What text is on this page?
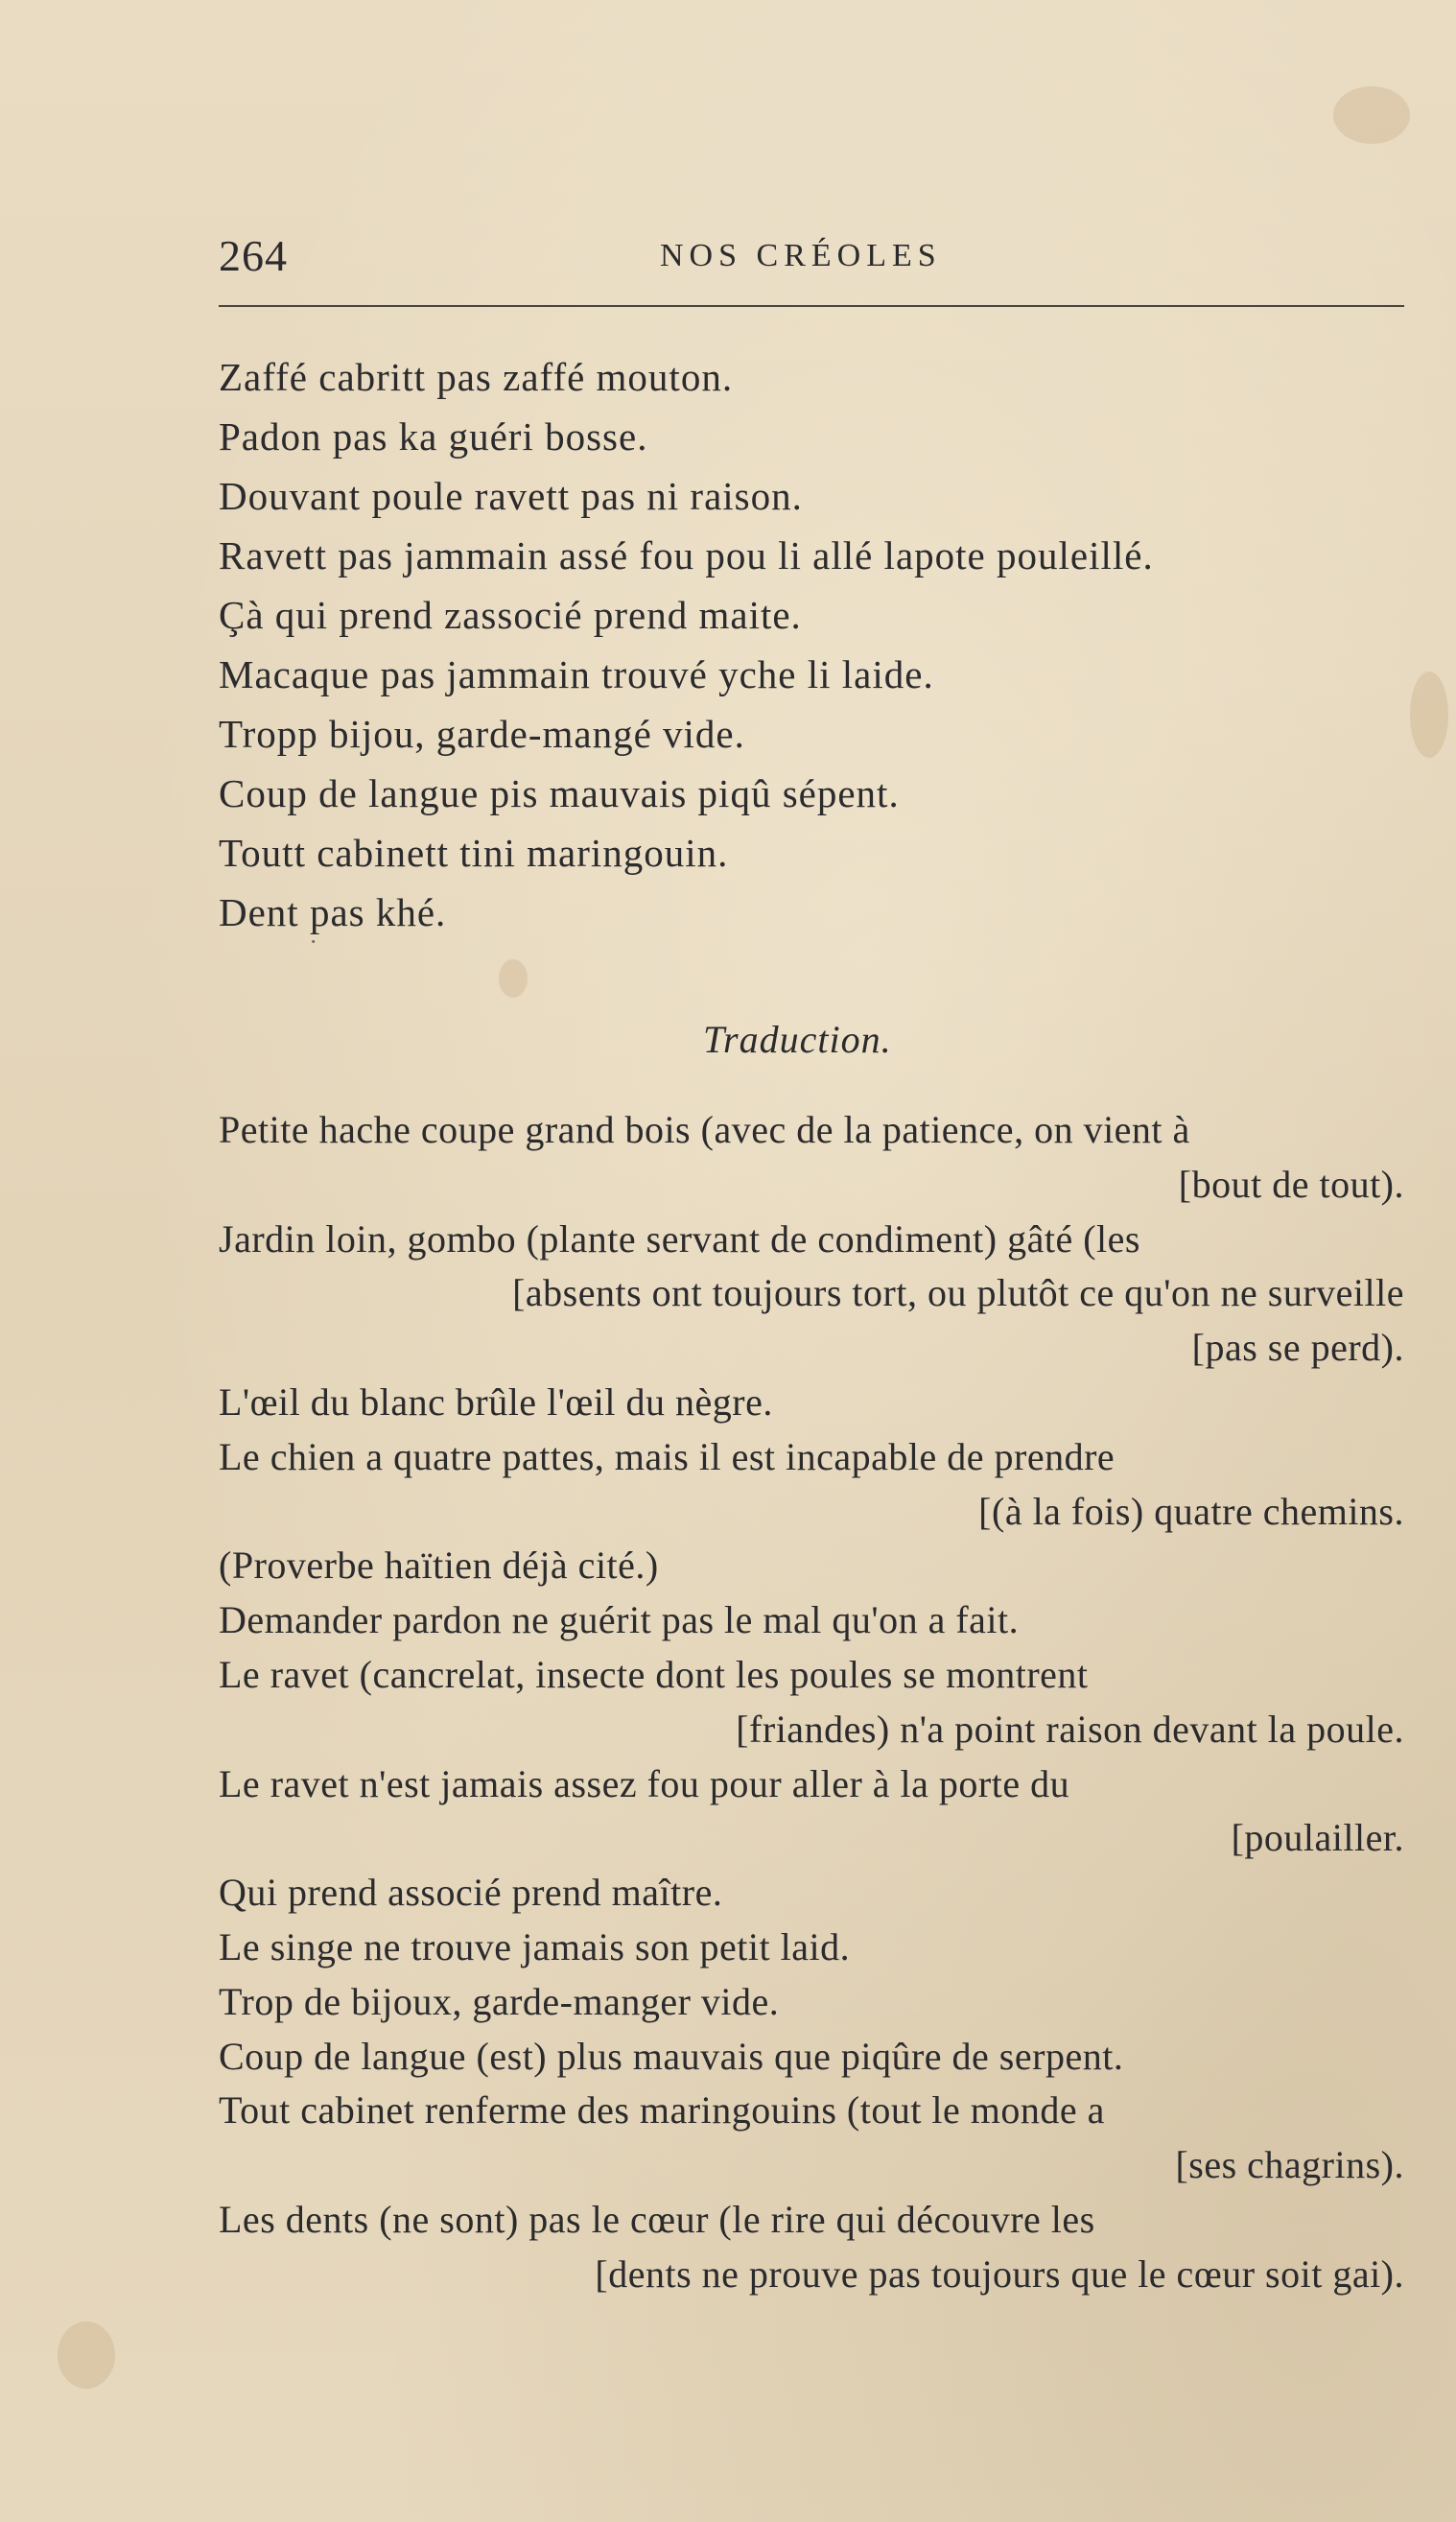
264	NOS CRÉOLES
Zaffé cabritt pas zaffé mouton.
Padon pas ka guéri bosse.
Douvant poule ravett pas ni raison.
Ravett pas jammain assé fou pou li allé lapote pouleillé.
Çà qui prend zassocié prend maite.
Macaque pas jammain trouvé yche li laide.
Tropp bijou, garde-mangé vide.
Coup de langue pis mauvais piqû sépent.
Toutt cabinett tini maringouin.
Dent pas khé.
˙
Traduction.
Petite hache coupe grand bois (avec de la patience, on vient à
[bout de tout).
Jardin loin, gombo (plante servant de condiment) gâté (les
[absents ont toujours tort, ou plutôt ce qu'on ne surveille
[pas se perd).
L'œil du blanc brûle l'œil du nègre.
Le chien a quatre pattes, mais il est incapable de prendre
[(à la fois) quatre chemins.
(Proverbe haïtien déjà cité.)
Demander pardon ne guérit pas le mal qu'on a fait.
Le ravet (cancrelat, insecte dont les poules se montrent
[friandes) n'a point raison devant la poule.
Le ravet n'est jamais assez fou pour aller à la porte du
[poulailler.
Qui prend associé prend maître.
Le singe ne trouve jamais son petit laid.
Trop de bijoux, garde-manger vide.
Coup de langue (est) plus mauvais que piqûre de serpent.
Tout cabinet renferme des maringouins (tout le monde a
[ses chagrins).
Les dents (ne sont) pas le cœur (le rire qui découvre les
[dents ne prouve pas toujours que le cœur soit gai).
